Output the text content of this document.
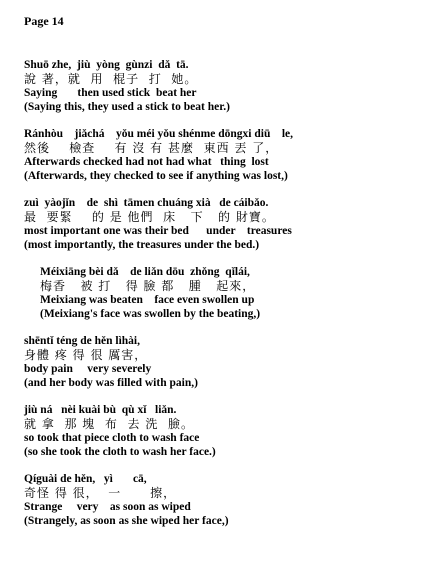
Page 14
Shuō zhe,  jiù  yòng  gùnzi  dǎ  tā.
說 著，就  用  棍子  打  她。
Saying       then used stick  beat her
(Saying this, they used a stick to beat her.)
Ránhòu    jiǎchá    yǒu méi yǒu shénme dōngxi diū    le,
然後    檢查    有 沒 有 甚麼  東西 丟 了，
Afterwards checked had not had what   thing  lost
(Afterwards, they checked to see if anything was lost,)
zuì  yàojǐn    de  shì  tāmen chuáng xià   de cáibǎo.
最  要緊    的 是 他們  床   下   的 財寶。
most important one was their bed      under    treasures
(most importantly, the treasures under the bed.)
Méixiāng bèi dǎ    de liǎn dōu  zhǒng  qǐlái,
梅香   被 打   得 臉 都   腫   起來，
Meixiang was beaten    face even swollen up
(Meixiang's face was swollen by the beating,)
shēntǐ téng de hěn lìhài,
身體 疼 得 很 厲害，
body pain     very severely
(and her body was filled with pain,)
jiù ná   nèi kuài bù  qù xǐ   liǎn.
就 拿  那 塊  布  去 洗  臉。
so took that piece cloth to wash face
(so she took the cloth to wash her face.)
Qíguài de hěn,   yì       cā,
奇怪 得 很，  一      擦，
Strange     very    as soon as wiped
(Strangely, as soon as she wiped her face,)
